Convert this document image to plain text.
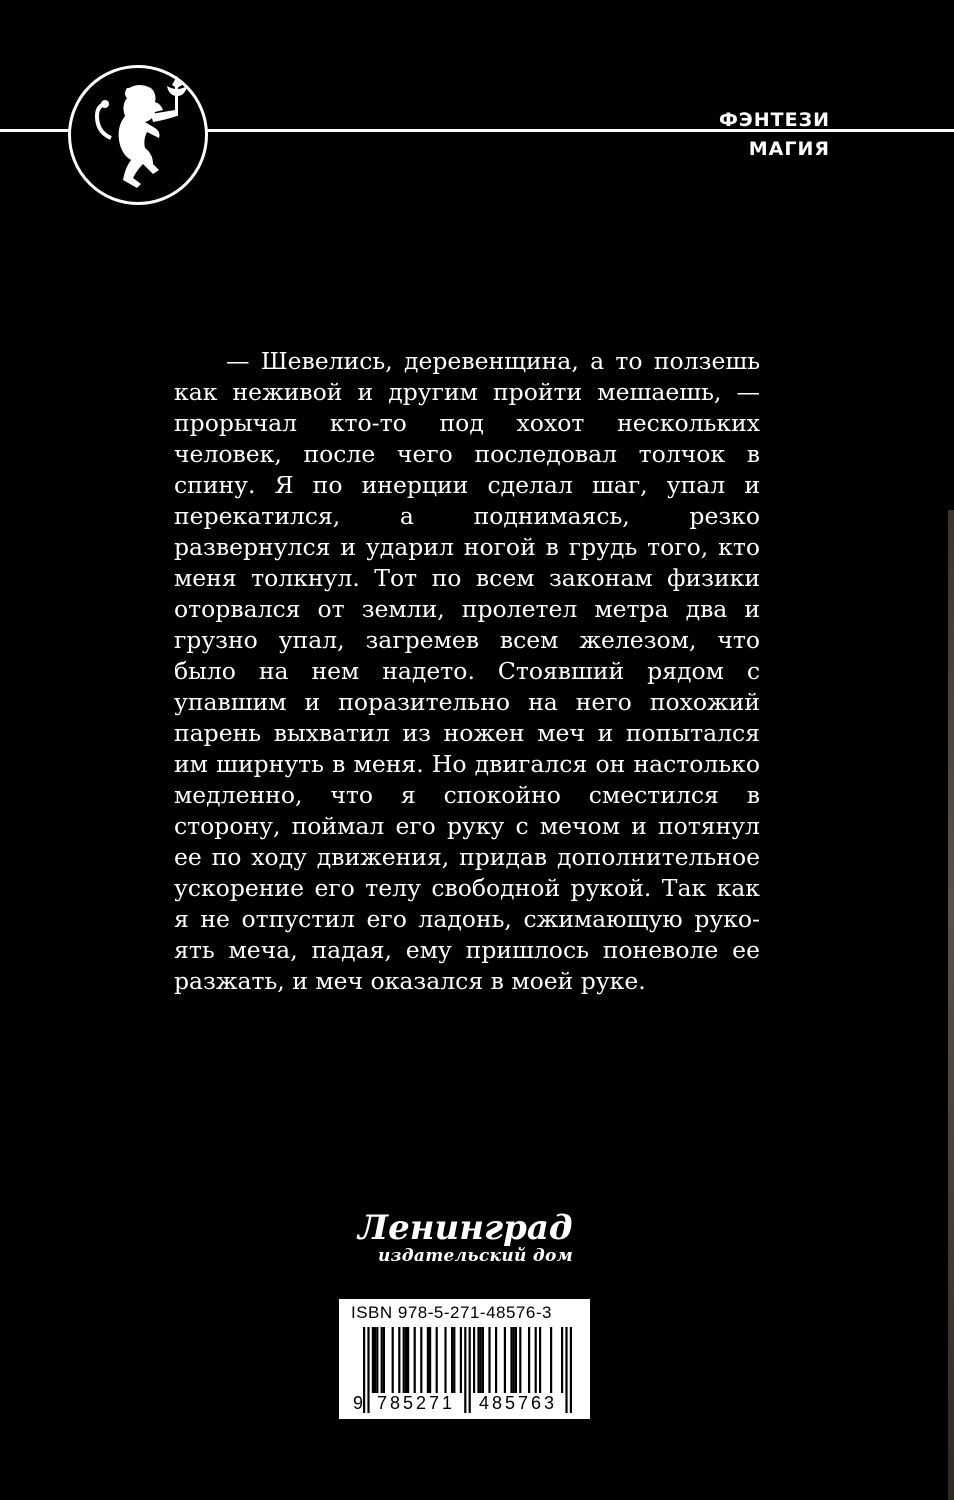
ФЭНТЕЗИ
МАГИЯ
— Шевелись, деревенщина, а то ползешь как неживой и другим пройти мешаешь, — прорычал кто-то под хохот нескольких человек, после чего последовал толчок в спину. Я по инерции сделал шаг, упал и перекатился, а поднимаясь, резко развернулся и ударил ногой в грудь того, кто меня толкнул. Тот по всем законам физики оторвался от земли, пролетел метра два и грузно упал, загремев всем железом, что было на нем надето. Стоявший рядом с упавшим и поразительно на него похожий парень выхватил из ножен меч и попытался им ширнуть в меня. Но двигался он настолько медленно, что я спокойно сместился в сторону, поймал его руку с мечом и потянул ее по ходу движения, придав дополнительное ускорение его телу свободной рукой. Так как я не отпустил его ладонь, сжимающую рукоять меча, падая, ему пришлось поневоле ее разжать, и меч оказался в моей руке.
Ленинград
издательский дом
ISBN 978-5-271-48576-3
9 785271 485763
